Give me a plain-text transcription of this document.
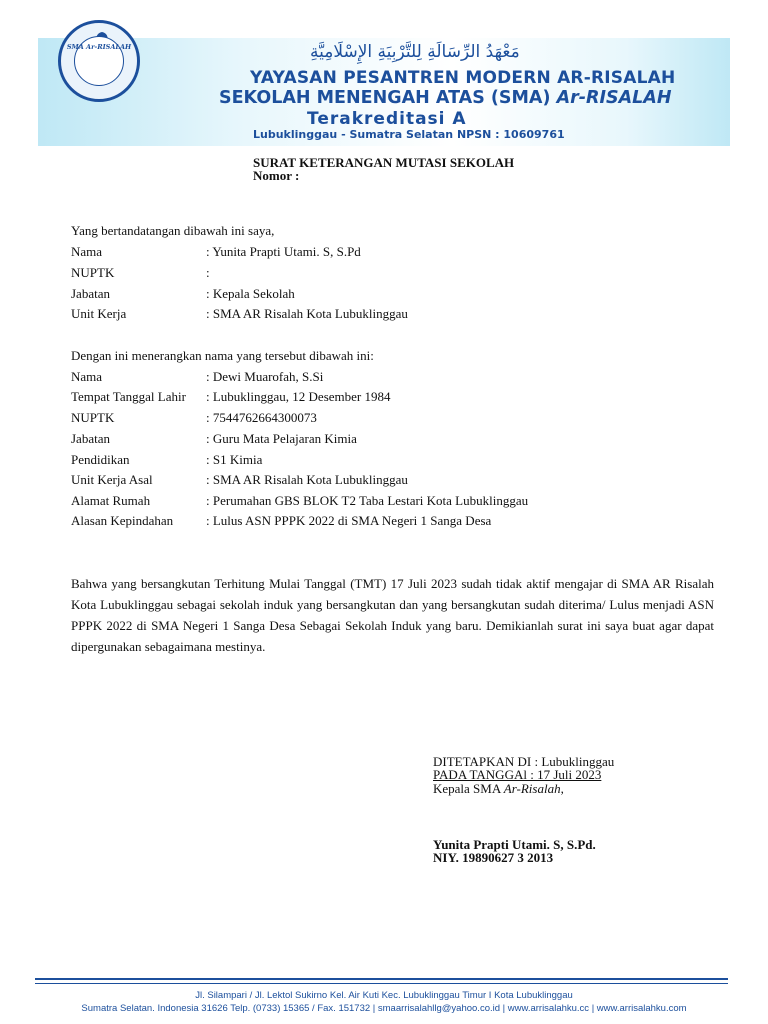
SMA Ar-RISALAH	مَعْهَدُ الرِّسَالَةِ لِلتَّرْبِيَةِ الإِسْلَامِيَّةِ
YAYASAN PESANTREN MODERN AR-RISALAH
SEKOLAH MENENGAH ATAS (SMA) Ar-RISALAH
Terakreditasi A
Lubuklinggau - Sumatra Selatan NPSN : 10609761
SURAT KETERANGAN MUTASI SEKOLAH
Nomor :
Yang bertandatangan dibawah ini saya,
Nama	: Yunita Prapti Utami. S, S.Pd
NUPTK	:
Jabatan	: Kepala Sekolah
Unit Kerja	: SMA AR Risalah Kota Lubuklinggau
Dengan ini menerangkan nama yang tersebut dibawah ini:
Nama	: Dewi Muarofah, S.Si
Tempat Tanggal Lahir : Lubuklinggau, 12 Desember 1984
NUPTK	: 7544762664300073
Jabatan	: Guru Mata Pelajaran Kimia
Pendidikan	: S1 Kimia
Unit Kerja Asal	: SMA AR Risalah Kota Lubuklinggau
Alamat Rumah	: Perumahan GBS BLOK T2 Taba Lestari Kota Lubuklinggau
Alasan Kepindahan	: Lulus ASN PPPK 2022 di SMA Negeri 1 Sanga Desa
Bahwa yang bersangkutan Terhitung Mulai Tanggal (TMT) 17 Juli 2023 sudah tidak aktif mengajar di SMA AR Risalah Kota Lubuklinggau sebagai sekolah induk yang bersangkutan dan yang bersangkutan sudah diterima/ Lulus menjadi ASN PPPK 2022 di SMA Negeri 1 Sanga Desa Sebagai Sekolah Induk yang baru. Demikianlah surat ini saya buat agar dapat dipergunakan sebagaimana mestinya.
DITETAPKAN DI : Lubuklinggau
PADA TANGGAl : 17 Juli 2023
Kepala SMA Ar-Risalah,
Yunita Prapti Utami. S, S.Pd.
NIY. 19890627 3 2013
Jl. Silampari / Jl. Lektol Sukirno Kel. Air Kuti Kec. Lubuklinggau Timur I Kota Lubuklinggau
Sumatra Selatan. Indonesia 31626 Telp. (0733) 15365 / Fax. 151732 | smaarrisalahllg@yahoo.co.id | www.arrisalahku.cc | www.arrisalahku.com
